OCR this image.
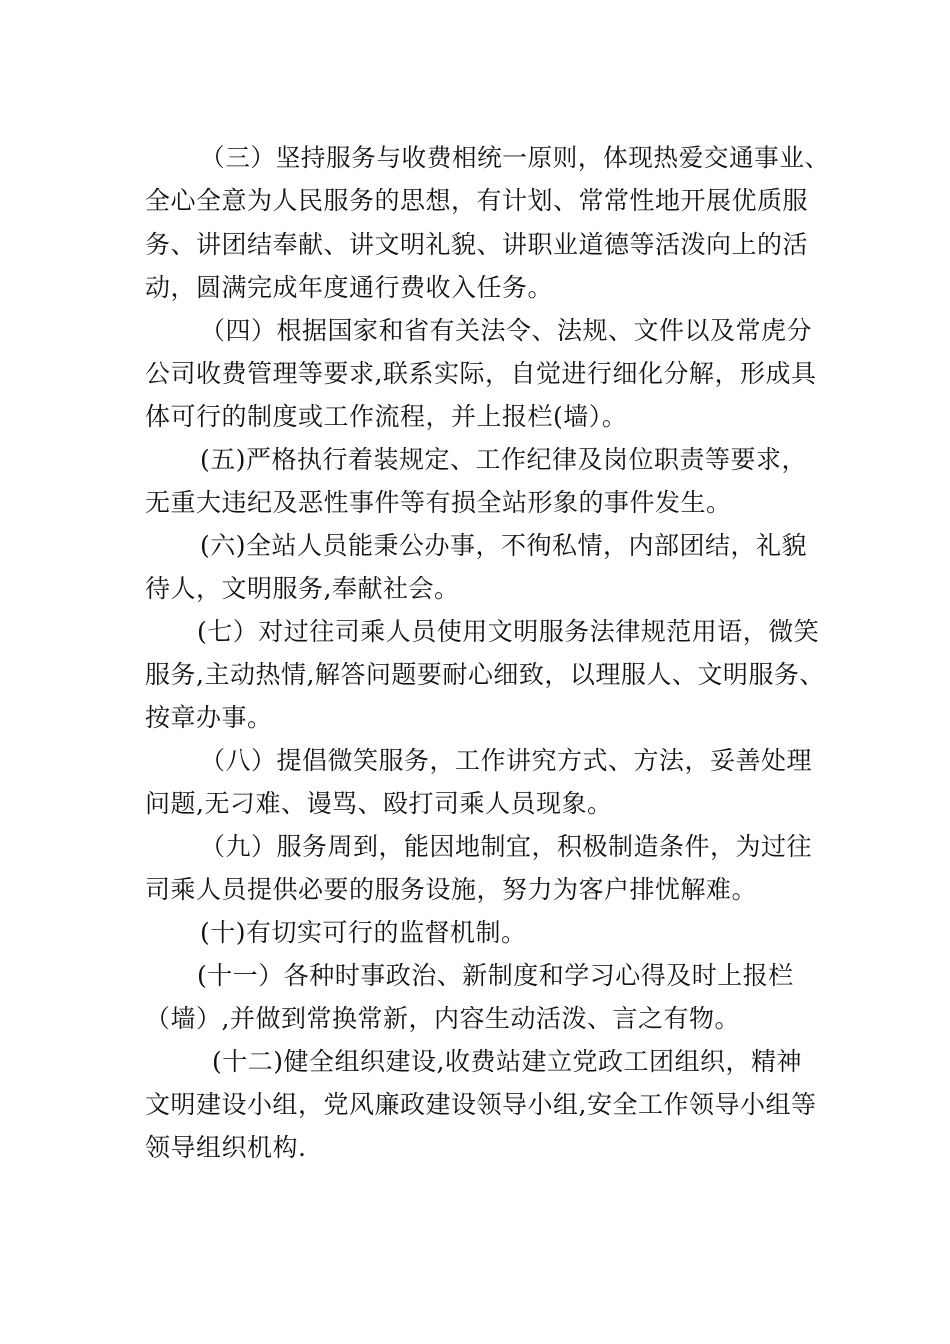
（三）坚持服务与收费相统一原则，体现热爱交通事业、
全心全意为人民服务的思想，有计划、常常性地开展优质服
务、讲团结奉献、讲文明礼貌、讲职业道德等活泼向上的活
动，圆满完成年度通行费收入任务。
（四）根据国家和省有关法令、法规、文件以及常虎分
公司收费管理等要求,联系实际，自觉进行细化分解，形成具
体可行的制度或工作流程，并上报栏(墙）。
(五)严格执行着装规定、工作纪律及岗位职责等要求，
无重大违纪及恶性事件等有损全站形象的事件发生。
(六)全站人员能秉公办事，不徇私情，内部团结，礼貌
待人，文明服务,奉献社会。
(七）对过往司乘人员使用文明服务法律规范用语，微笑
服务,主动热情,解答问题要耐心细致，以理服人、文明服务、
按章办事。
（八）提倡微笑服务，工作讲究方式、方法，妥善处理
问题,无刁难、谩骂、殴打司乘人员现象。
（九）服务周到，能因地制宜，积极制造条件，为过往
司乘人员提供必要的服务设施，努力为客户排忧解难。
(十)有切实可行的监督机制。
(十一）各种时事政治、新制度和学习心得及时上报栏
（墙）,并做到常换常新，内容生动活泼、言之有物。
(十二)健全组织建设,收费站建立党政工团组织，精神
文明建设小组，党风廉政建设领导小组,安全工作领导小组等
领导组织机构.
